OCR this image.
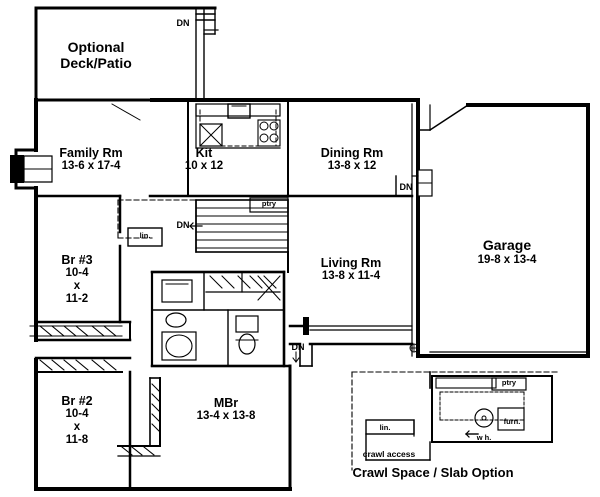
Optional
Deck/Patio
Family Rm
13-6 x 17-4
Kit
10 x 12
Dining Rm
13-8 x 12
Garage
19-8 x 13-4
Living Rm
13-8 x 11-4
Br #3
10-4
x
11-2
Br #2
10-4
x
11-8
MBr
13-4 x 13-8
DN
DN
DN
DN
ptry
lin.
Crawl Space / Slab Option
crawl access
lin.
ptry
furn.
w h.
